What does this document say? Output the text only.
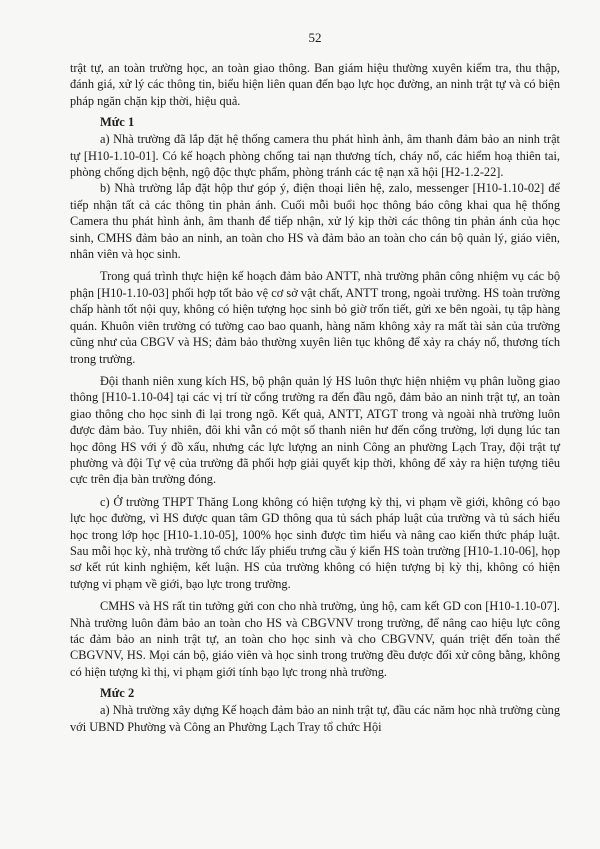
52

trật tự, an toàn trường học, an toàn giao thông. Ban giám hiệu thường xuyên kiểm tra, thu thập, đánh giá, xử lý các thông tin, biểu hiện liên quan đến bạo lực học đường, an ninh trật tự và có biện pháp ngăn chặn kịp thời, hiệu quả.

Mức 1

a) Nhà trường đã lắp đặt hệ thống camera thu phát hình ảnh, âm thanh đảm bảo an ninh trật tự [H10-1.10-01]. Có kế hoạch phòng chống tai nạn thương tích, cháy nổ, các hiểm hoạ thiên tai, phòng chống dịch bệnh, ngộ độc thực phẩm, phòng tránh các tệ nạn xã hội [H2-1.2-22].

b) Nhà trường lắp đặt hộp thư góp ý, điện thoại liên hệ, zalo, messenger [H10-1.10-02] để tiếp nhận tất cả các thông tin phản ánh. Cuối mỗi buổi học thông báo công khai qua hệ thống Camera thu phát hình ảnh, âm thanh để tiếp nhận, xử lý kịp thời các thông tin phản ánh của học sinh, CMHS đảm bảo an ninh, an toàn cho HS và đảm bảo an toàn cho cán bộ quản lý, giáo viên, nhân viên và học sinh.

Trong quá trình thực hiện kế hoạch đảm bảo ANTT, nhà trường phân công nhiệm vụ các bộ phận [H10-1.10-03] phối hợp tốt bảo vệ cơ sở vật chất, ANTT trong, ngoài trường. HS toàn trường chấp hành tốt nội quy, không có hiện tượng học sinh bỏ giờ trốn tiết, gửi xe bên ngoài, tụ tập hàng quán. Khuôn viên trường có tường cao bao quanh, hàng năm không xảy ra mất tài sản của trường cũng như của CBGV và HS; đảm bảo thường xuyên liên tục không để xảy ra cháy nổ, thương tích trong trường.

Đội thanh niên xung kích HS, bộ phận quản lý HS luôn thực hiện nhiệm vụ phân luồng giao thông [H10-1.10-04] tại các vị trí từ cổng trường ra đến đầu ngõ, đảm bảo an ninh trật tự, an toàn giao thông cho học sinh đi lại trong ngõ. Kết quả, ANTT, ATGT trong và ngoài nhà trường luôn được đảm bảo. Tuy nhiên, đôi khi vẫn có một số thanh niên hư đến cổng trường, lợi dụng lúc tan học đông HS với ý đồ xấu, nhưng các lực lượng an ninh Công an phường Lạch Tray, đội trật tự phường và đội Tự vệ của trường đã phối hợp giải quyết kịp thời, không để xảy ra hiện tượng tiêu cực trên địa bàn trường đóng.

c) Ở trường THPT Thăng Long không có hiện tượng kỳ thị, vi phạm về giới, không có bạo lực học đường, vì HS được quan tâm GD thông qua tủ sách pháp luật của trường và tủ sách hiểu học trong lớp học [H10-1.10-05], 100% học sinh được tìm hiểu và nâng cao kiến thức pháp luật. Sau mỗi học kỳ, nhà trường tổ chức lấy phiếu trưng cầu ý kiến HS toàn trường [H10-1.10-06], họp sơ kết rút kinh nghiệm, kết luận. HS của trường không có hiện tượng bị kỳ thị, không có hiện tượng vi phạm về giới, bạo lực trong trường.

CMHS và HS rất tin tưởng gửi con cho nhà trường, ủng hộ, cam kết GD con [H10-1.10-07]. Nhà trường luôn đảm bảo an toàn cho HS và CBGVNV trong trường, để nâng cao hiệu lực công tác đảm bảo an ninh trật tự, an toàn cho học sinh và cho CBGVNV, quán triệt đến toàn thể CBGVNV, HS. Mọi cán bộ, giáo viên và học sinh trong trường đều được đối xử công bằng, không có hiện tượng kì thị, vi phạm giới tính bạo lực trong nhà trường.

Mức 2

a) Nhà trường xây dựng Kế hoạch đảm bảo an ninh trật tự, đầu các năm học nhà trường cùng với UBND Phường và Công an Phường Lạch Tray tổ chức Hội
